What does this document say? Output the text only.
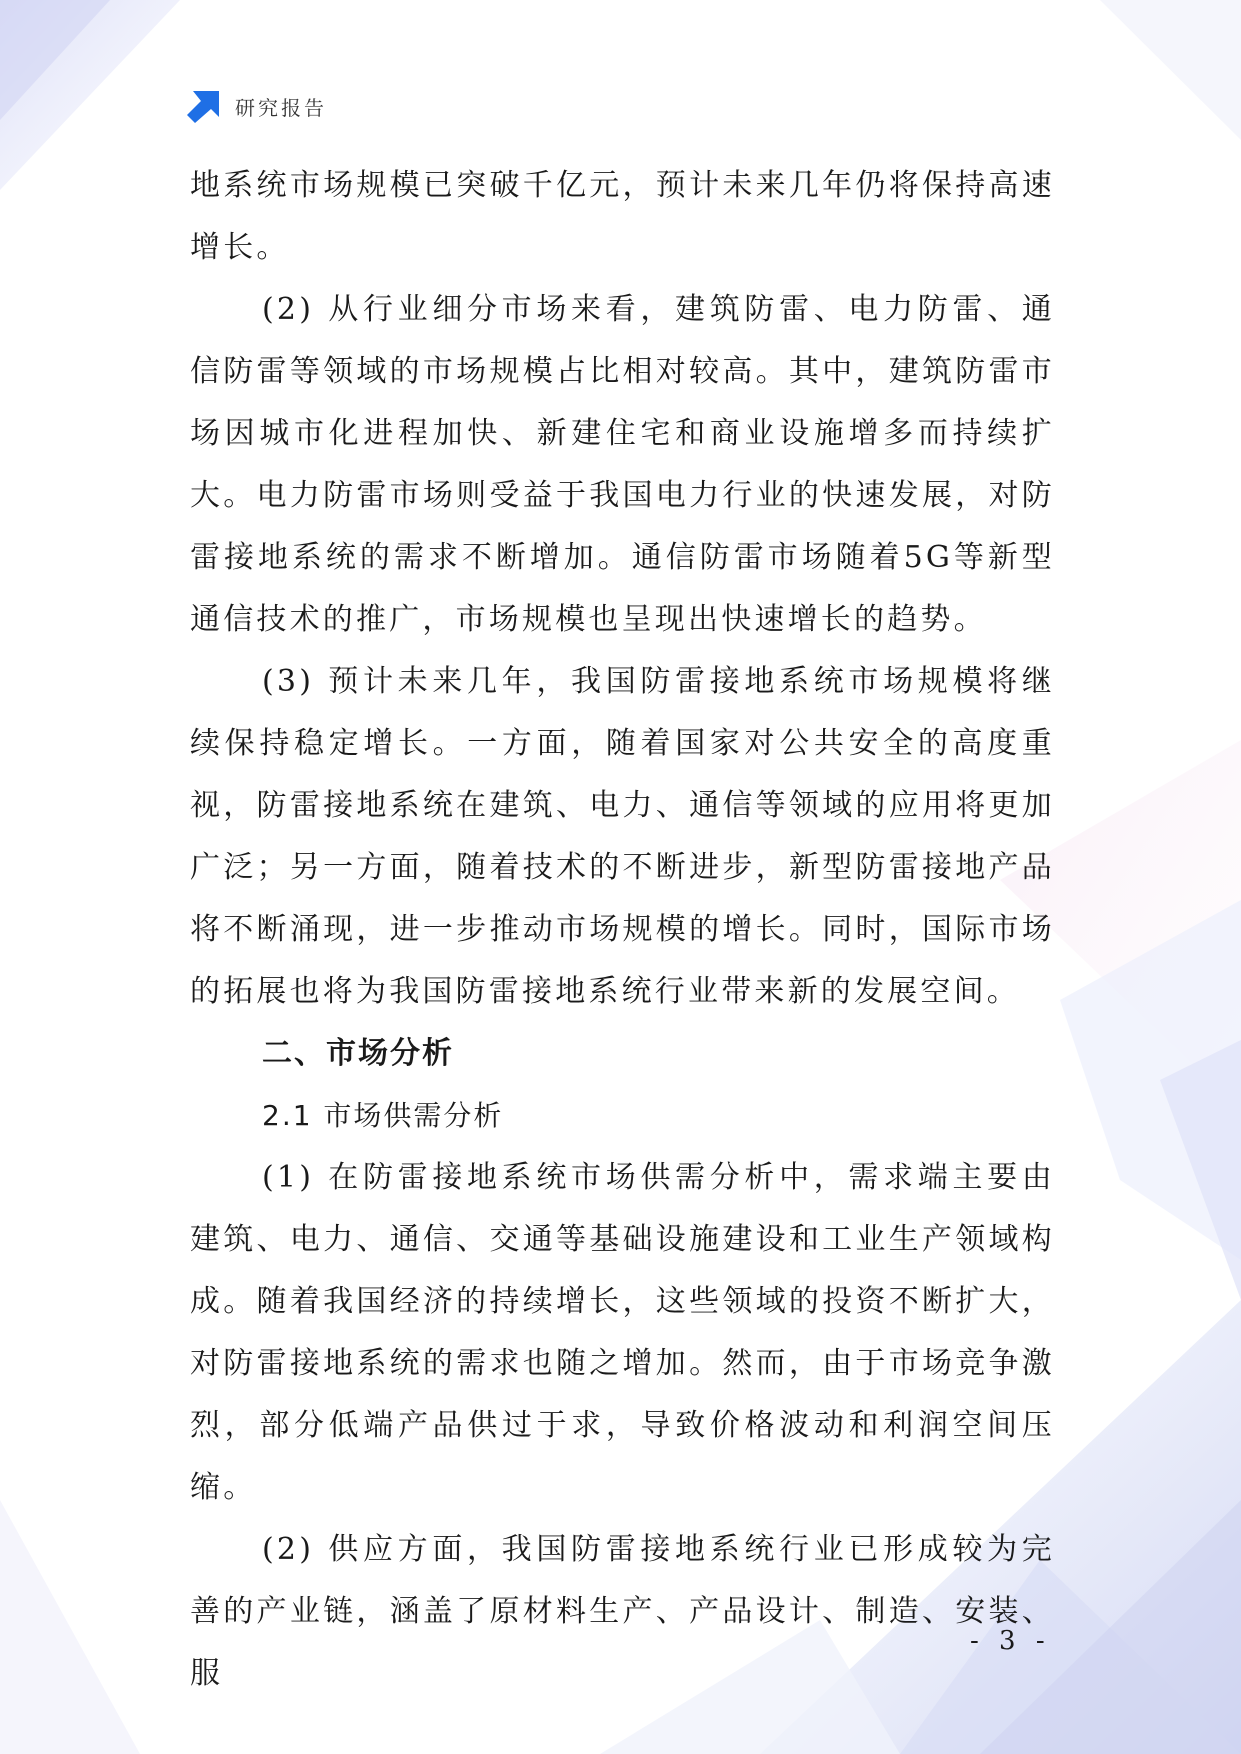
研究报告

地系统市场规模已突破千亿元，预计未来几年仍将保持高速增长。

(2) 从行业细分市场来看，建筑防雷、电力防雷、通信防雷等领域的市场规模占比相对较高。其中，建筑防雷市场因城市化进程加快、新建住宅和商业设施增多而持续扩大。电力防雷市场则受益于我国电力行业的快速发展，对防雷接地系统的需求不断增加。通信防雷市场随着5G等新型通信技术的推广，市场规模也呈现出快速增长的趋势。

(3) 预计未来几年，我国防雷接地系统市场规模将继续保持稳定增长。一方面，随着国家对公共安全的高度重视，防雷接地系统在建筑、电力、通信等领域的应用将更加广泛；另一方面，随着技术的不断进步，新型防雷接地产品将不断涌现，进一步推动市场规模的增长。同时，国际市场的拓展也将为我国防雷接地系统行业带来新的发展空间。

二、市场分析

2.1 市场供需分析

(1) 在防雷接地系统市场供需分析中，需求端主要由建筑、电力、通信、交通等基础设施建设和工业生产领域构成。随着我国经济的持续增长，这些领域的投资不断扩大，对防雷接地系统的需求也随之增加。然而，由于市场竞争激烈，部分低端产品供过于求，导致价格波动和利润空间压缩。

(2) 供应方面，我国防雷接地系统行业已形成较为完善的产业链，涵盖了原材料生产、产品设计、制造、安装、服

- 3 -
